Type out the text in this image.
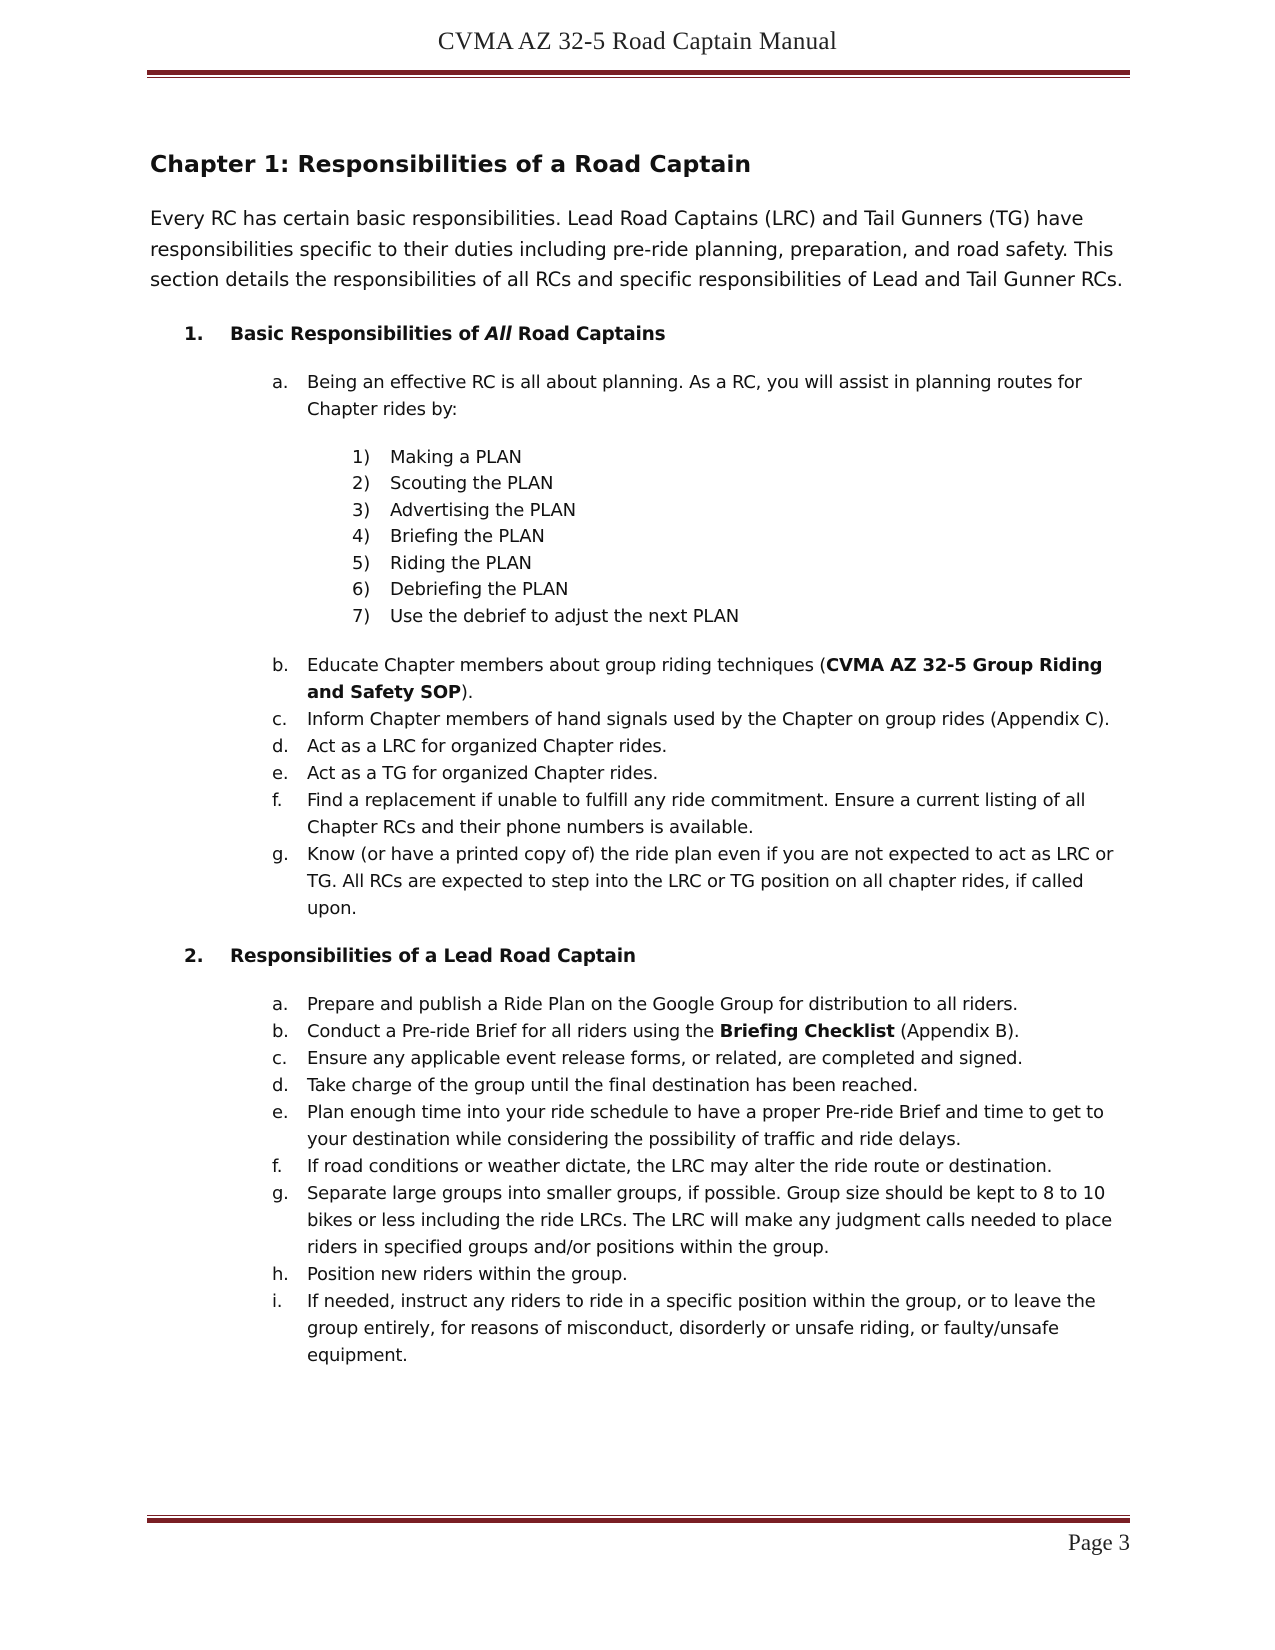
CVMA AZ 32-5 Road Captain Manual
Chapter 1: Responsibilities of a Road Captain

Every RC has certain basic responsibilities. Lead Road Captains (LRC) and Tail Gunners (TG) have responsibilities specific to their duties including pre-ride planning, preparation, and road safety. This section details the responsibilities of all RCs and specific responsibilities of Lead and Tail Gunner RCs.

1. Basic Responsibilities of All Road Captains
a. Being an effective RC is all about planning. As a RC, you will assist in planning routes for Chapter rides by:
1) Making a PLAN
2) Scouting the PLAN
3) Advertising the PLAN
4) Briefing the PLAN
5) Riding the PLAN
6) Debriefing the PLAN
7) Use the debrief to adjust the next PLAN
b. Educate Chapter members about group riding techniques (CVMA AZ 32-5 Group Riding and Safety SOP).
c. Inform Chapter members of hand signals used by the Chapter on group rides (Appendix C).
d. Act as a LRC for organized Chapter rides.
e. Act as a TG for organized Chapter rides.
f. Find a replacement if unable to fulfill any ride commitment. Ensure a current listing of all Chapter RCs and their phone numbers is available.
g. Know (or have a printed copy of) the ride plan even if you are not expected to act as LRC or TG. All RCs are expected to step into the LRC or TG position on all chapter rides, if called upon.
2. Responsibilities of a Lead Road Captain
a. Prepare and publish a Ride Plan on the Google Group for distribution to all riders.
b. Conduct a Pre-ride Brief for all riders using the Briefing Checklist (Appendix B).
c. Ensure any applicable event release forms, or related, are completed and signed.
d. Take charge of the group until the final destination has been reached.
e. Plan enough time into your ride schedule to have a proper Pre-ride Brief and time to get to your destination while considering the possibility of traffic and ride delays.
f. If road conditions or weather dictate, the LRC may alter the ride route or destination.
g. Separate large groups into smaller groups, if possible. Group size should be kept to 8 to 10 bikes or less including the ride LRCs. The LRC will make any judgment calls needed to place riders in specified groups and/or positions within the group.
h. Position new riders within the group.
i. If needed, instruct any riders to ride in a specific position within the group, or to leave the group entirely, for reasons of misconduct, disorderly or unsafe riding, or faulty/unsafe equipment.
Page 3
